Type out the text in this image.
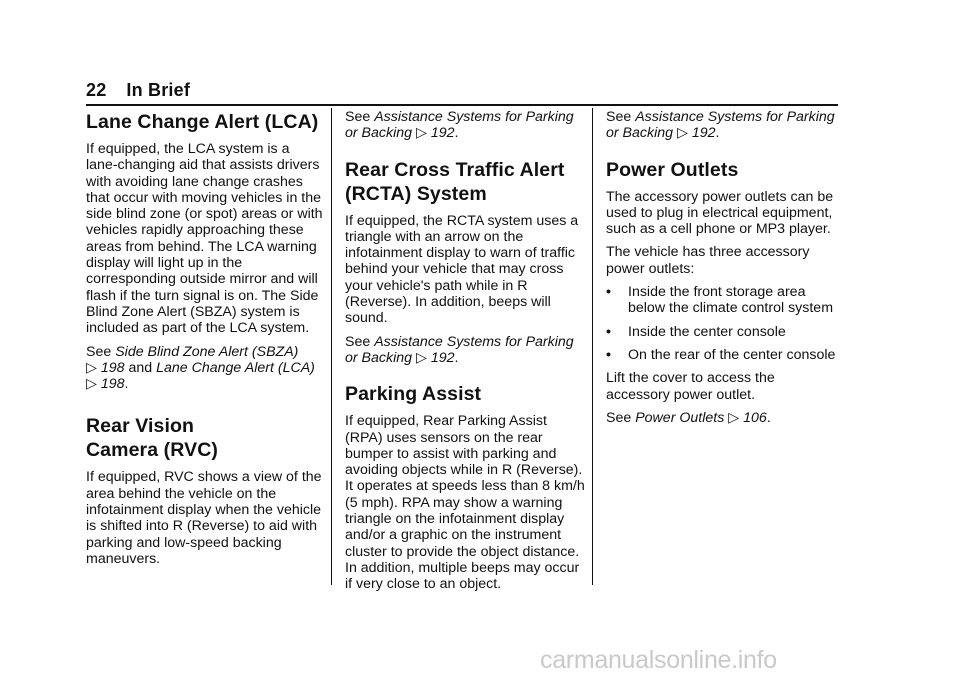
22 In Brief
Lane Change Alert (LCA)

If equipped, the LCA system is a lane-changing aid that assists drivers with avoiding lane change crashes that occur with moving vehicles in the side blind zone (or spot) areas or with vehicles rapidly approaching these areas from behind. The LCA warning display will light up in the corresponding outside mirror and will flash if the turn signal is on. The Side Blind Zone Alert (SBZA) system is included as part of the LCA system.

See Side Blind Zone Alert (SBZA)
▷ 198 and Lane Change Alert (LCA)
▷ 198.

Rear Vision
Camera (RVC)

If equipped, RVC shows a view of the area behind the vehicle on the infotainment display when the vehicle is shifted into R (Reverse) to aid with parking and low-speed backing maneuvers.

See Assistance Systems for Parking or Backing ▷ 192.

Rear Cross Traffic Alert
(RCTA) System

If equipped, the RCTA system uses a triangle with an arrow on the infotainment display to warn of traffic behind your vehicle that may cross your vehicle's path while in R (Reverse). In addition, beeps will sound.

See Assistance Systems for Parking or Backing ▷ 192.

Parking Assist

If equipped, Rear Parking Assist (RPA) uses sensors on the rear bumper to assist with parking and avoiding objects while in R (Reverse). It operates at speeds less than 8 km/h (5 mph). RPA may show a warning triangle on the infotainment display and/or a graphic on the instrument cluster to provide the object distance. In addition, multiple beeps may occur if very close to an object.

See Assistance Systems for Parking or Backing ▷ 192.

Power Outlets

The accessory power outlets can be used to plug in electrical equipment, such as a cell phone or MP3 player.

The vehicle has three accessory power outlets:

•	Inside the front storage area below the climate control system
•	Inside the center console
•	On the rear of the center console

Lift the cover to access the accessory power outlet.

See Power Outlets ▷ 106.

carmanualsonline.info
